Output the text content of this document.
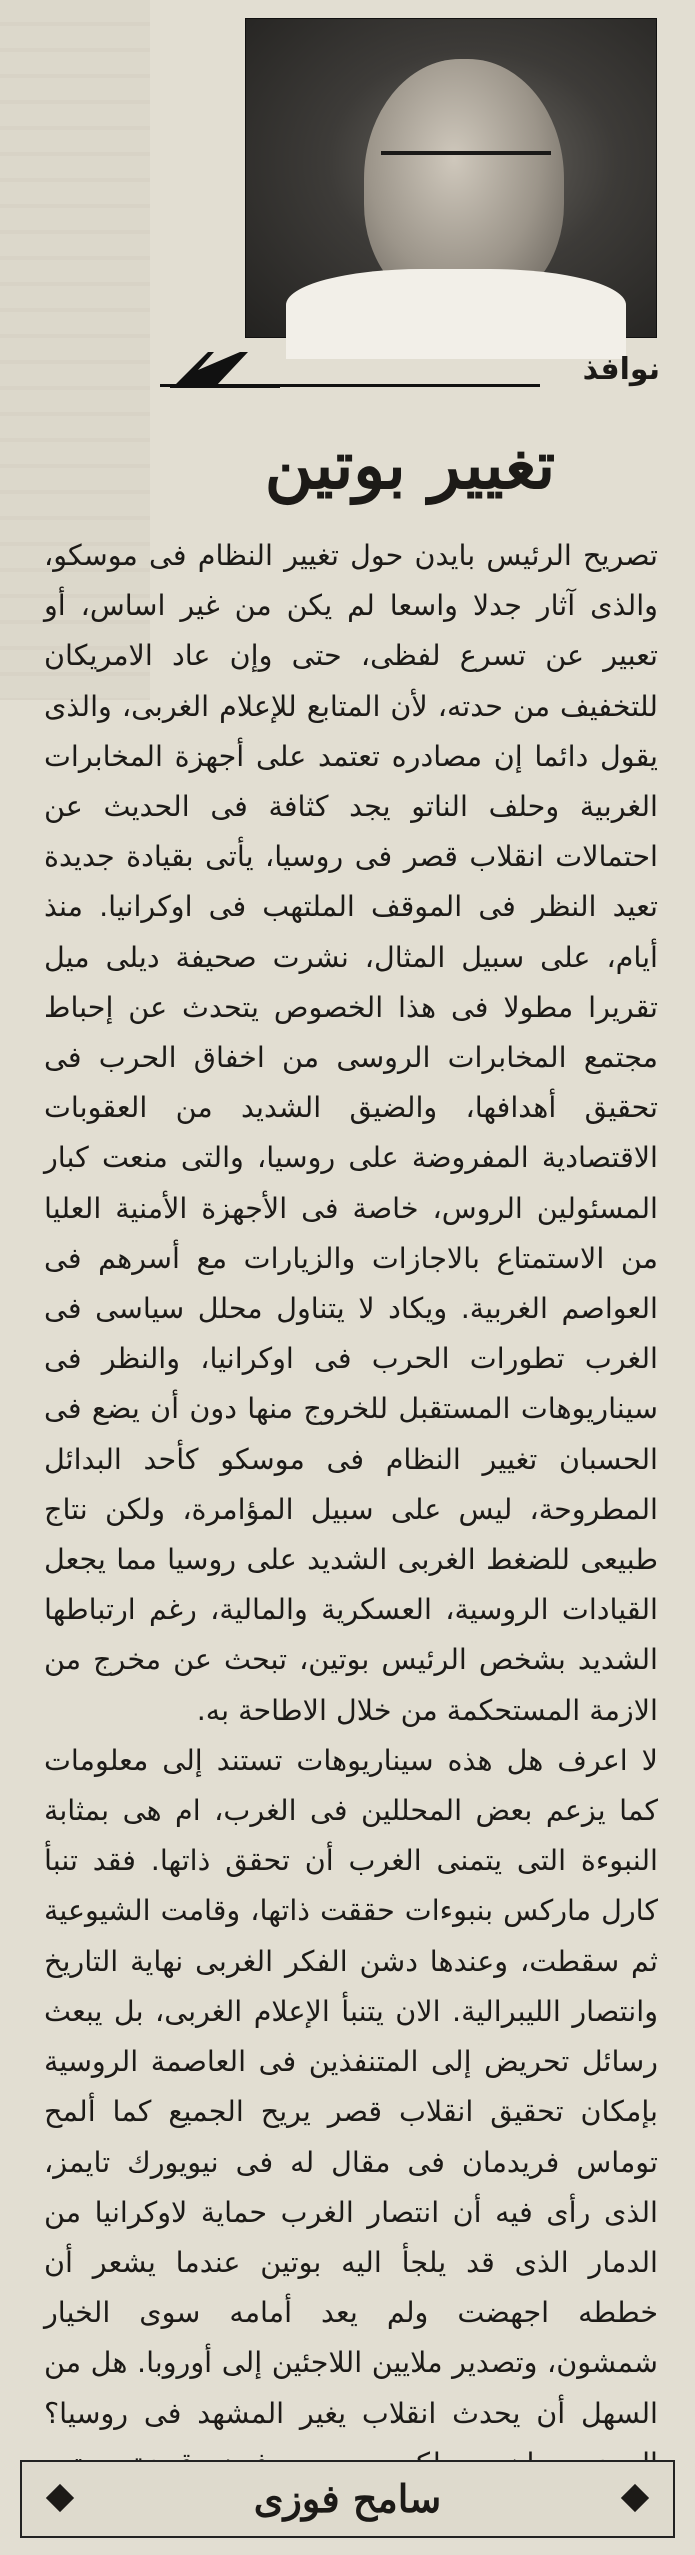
نوافذ
تغيير بوتين

تصريح الرئيس بايدن حول تغيير النظام فى موسكو، والذى آثار جدلا واسعا لم يكن من غير اساس، أو تعبير عن تسرع لفظى، حتى وإن عاد الامريكان للتخفيف من حدته، لأن المتابع للإعلام الغربى، والذى يقول دائما إن مصادره تعتمد على أجهزة المخابرات الغربية وحلف الناتو يجد كثافة فى الحديث عن احتمالات انقلاب قصر فى روسيا، يأتى بقيادة جديدة تعيد النظر فى الموقف الملتهب فى اوكرانيا. منذ أيام، على سبيل المثال، نشرت صحيفة ديلى ميل تقريرا مطولا فى هذا الخصوص يتحدث عن إحباط مجتمع المخابرات الروسى من اخفاق الحرب فى تحقيق أهدافها، والضيق الشديد من العقوبات الاقتصادية المفروضة على روسيا، والتى منعت كبار المسئولين الروس، خاصة فى الأجهزة الأمنية العليا من الاستمتاع بالاجازات والزيارات مع أسرهم فى العواصم الغربية. ويكاد لا يتناول محلل سياسى فى الغرب تطورات الحرب فى اوكرانيا، والنظر فى سيناريوهات المستقبل للخروج منها دون أن يضع فى الحسبان تغيير النظام فى موسكو كأحد البدائل المطروحة، ليس على سبيل المؤامرة، ولكن نتاج طبيعى للضغط الغربى الشديد على روسيا مما يجعل القيادات الروسية، العسكرية والمالية، رغم ارتباطها الشديد بشخص الرئيس بوتين، تبحث عن مخرج من الازمة المستحكمة من خلال الاطاحة به.

لا اعرف هل هذه سيناريوهات تستند إلى معلومات كما يزعم بعض المحللين فى الغرب، ام هى بمثابة النبوءة التى يتمنى الغرب أن تحقق ذاتها. فقد تنبأ كارل ماركس بنبوءات حققت ذاتها، وقامت الشيوعية ثم سقطت، وعندها دشن الفكر الغربى نهاية التاريخ وانتصار الليبرالية. الان يتنبأ الإعلام الغربى، بل يبعث رسائل تحريض إلى المتنفذين فى العاصمة الروسية بإمكان تحقيق انقلاب قصر يريح الجميع كما ألمح توماس فريدمان فى مقال له فى نيويورك تايمز، الذى رأى فيه أن انتصار الغرب حماية لاوكرانيا من الدمار الذى قد يلجأ اليه بوتين عندما يشعر أن خططه اجهضت ولم يعد أمامه سوى الخيار شمشون، وتصدير ملايين اللاجئين إلى أوروبا. هل من السهل أن يحدث انقلاب يغير المشهد فى روسيا؟

سامح فوزى
